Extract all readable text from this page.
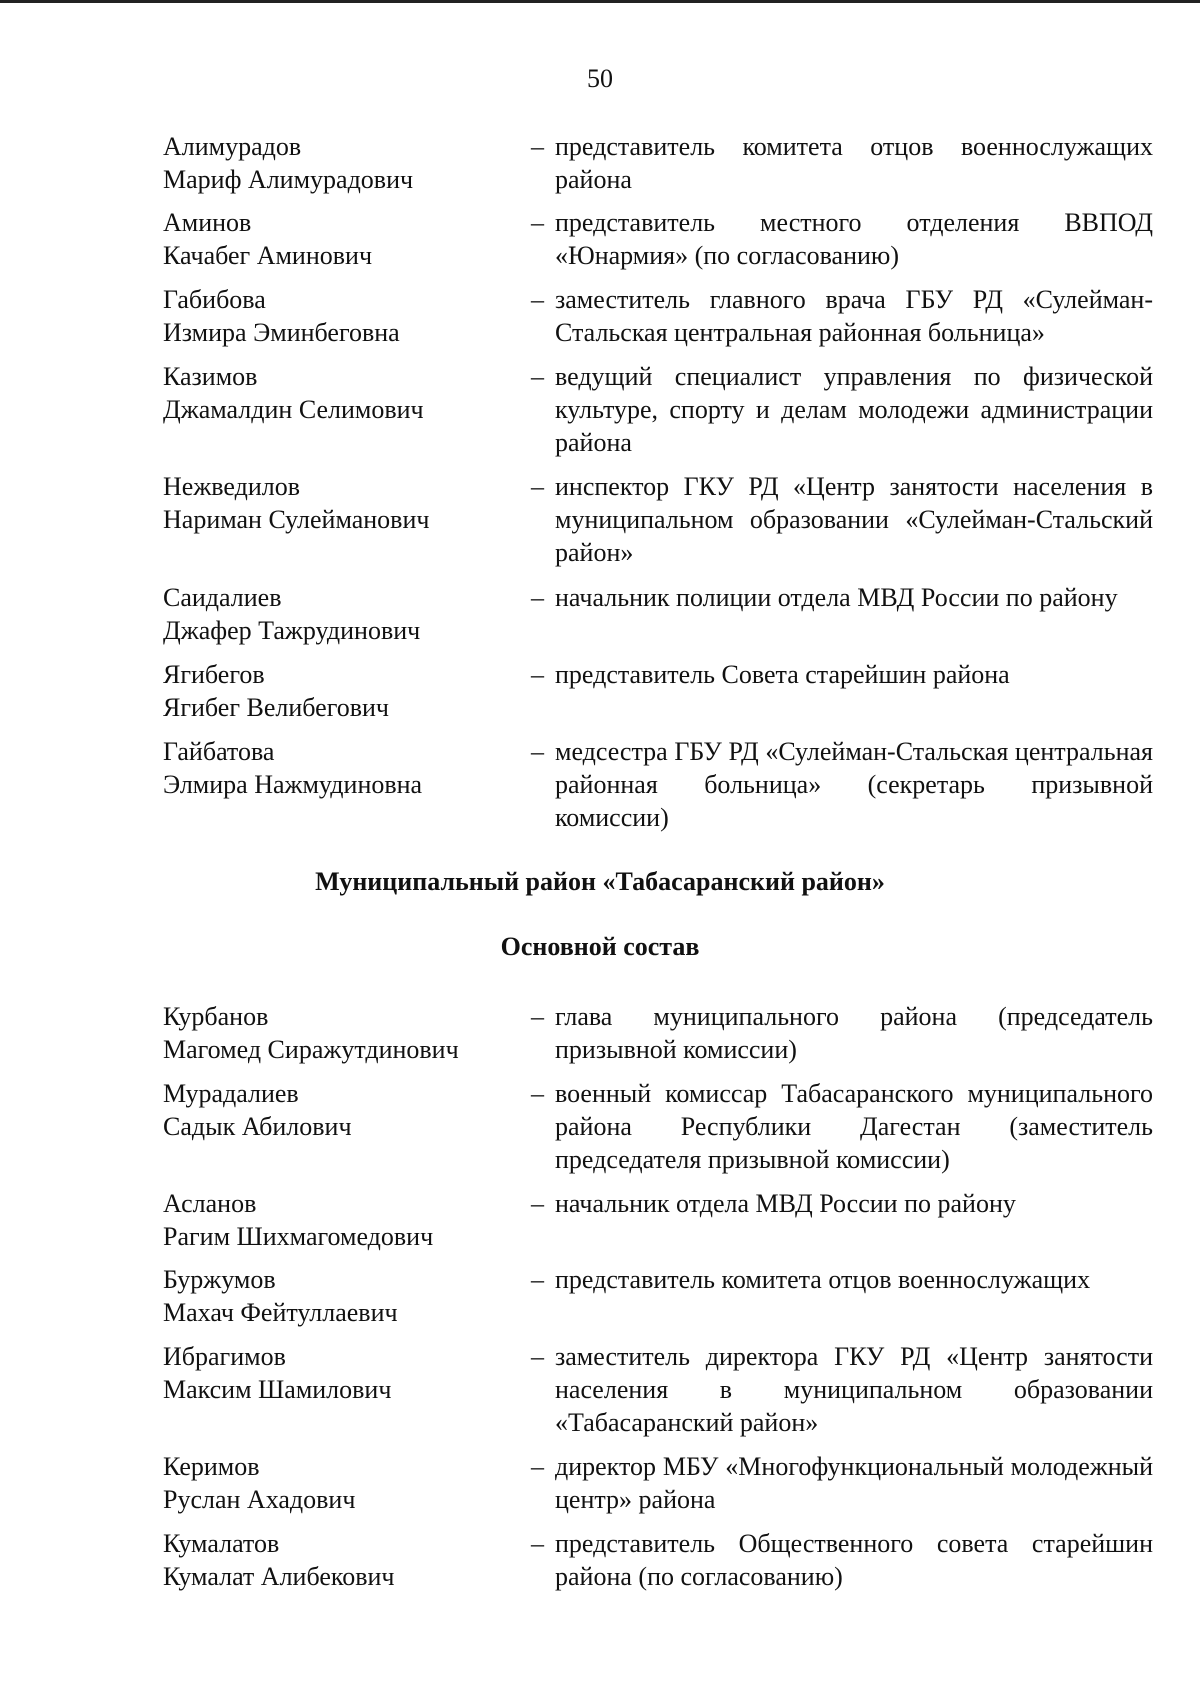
50
Алимурадов
Мариф Алимурадович
– представитель комитета отцов военнослужащих района
Аминов
Качабег Аминович
– представитель местного отделения ВВПОД «Юнармия» (по согласованию)
Габибова
Измира Эминбеговна
– заместитель главного врача ГБУ РД «Сулейман-Стальская центральная районная больница»
Казимов
Джамалдин Селимович
– ведущий специалист управления по физической культуре, спорту и делам молодежи администрации района
Нежведилов
Нариман Сулейманович
– инспектор ГКУ РД «Центр занятости населения в муниципальном образовании «Сулейман-Стальский район»
Саидалиев
Джафер Тажрудинович
– начальник полиции отдела МВД России по району
Ягибегов
Ягибег Велибегович
– представитель Совета старейшин района
Гайбатова
Элмира Нажмудиновна
– медсестра ГБУ РД «Сулейман-Стальская центральная районная больница» (секретарь призывной комиссии)
Муниципальный район «Табасаранский район»
Основной состав
Курбанов
Магомед Сиражутдинович
– глава муниципального района (председатель призывной комиссии)
Мурадалиев
Садык Абилович
– военный комиссар Табасаранского муниципального района Республики Дагестан (заместитель председателя призывной комиссии)
Асланов
Рагим Шихмагомедович
– начальник отдела МВД России по району
Буржумов
Махач Фейтуллаевич
– представитель комитета отцов военнослужащих
Ибрагимов
Максим Шамилович
– заместитель директора ГКУ РД «Центр занятости населения в муниципальном образовании «Табасаранский район»
Керимов
Руслан Ахадович
– директор МБУ «Многофункциональный молодежный центр» района
Кумалатов
Кумалат Алибекович
– представитель Общественного совета старейшин района (по согласованию)
